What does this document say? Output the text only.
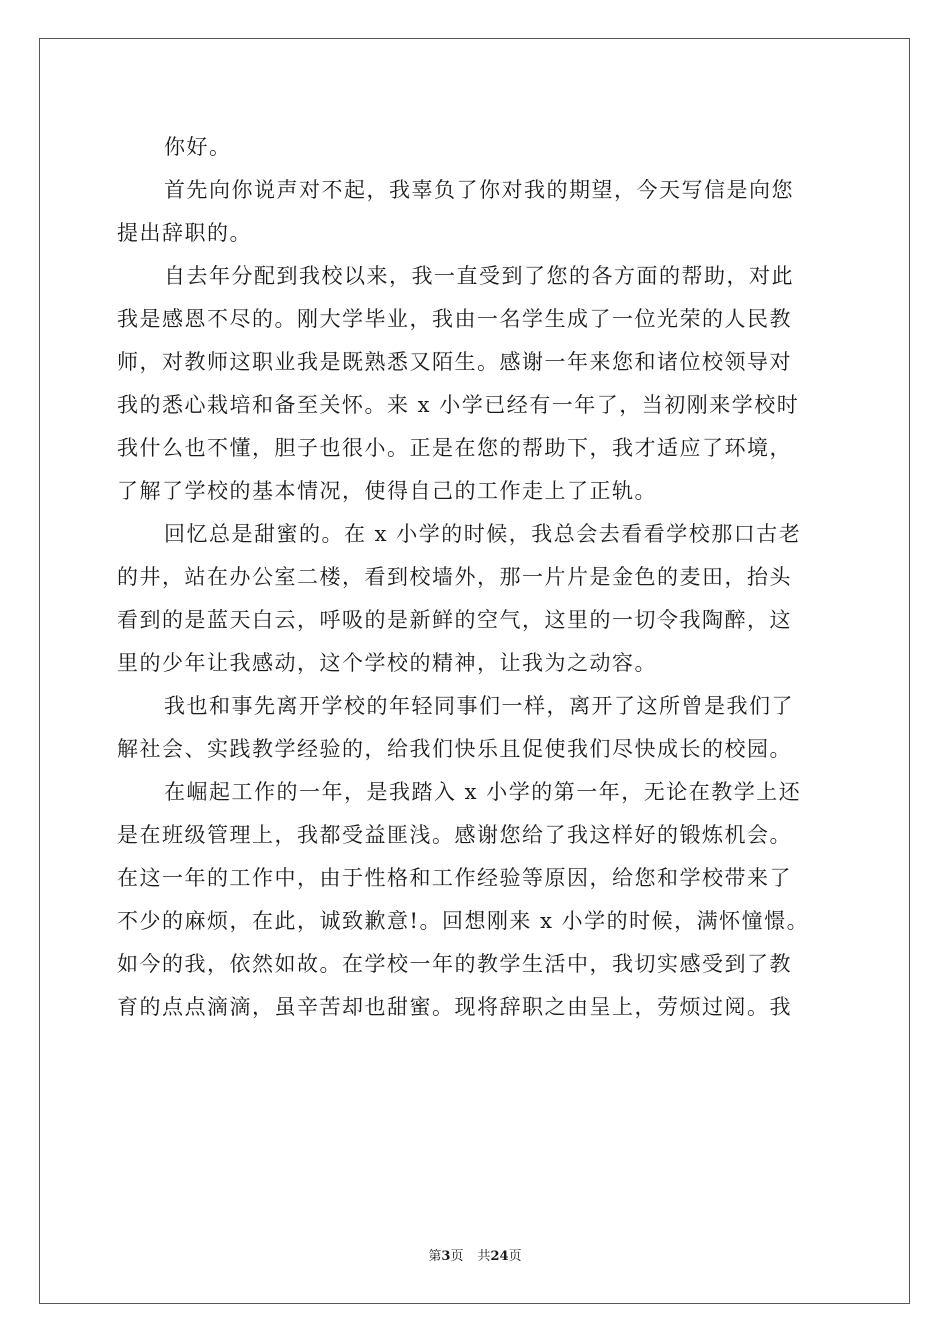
你好。
首先向你说声对不起，我辜负了你对我的期望，今天写信是向您
提出辞职的。
自去年分配到我校以来，我一直受到了您的各方面的帮助，对此
我是感恩不尽的。刚大学毕业，我由一名学生成了一位光荣的人民教
师，对教师这职业我是既熟悉又陌生。感谢一年来您和诸位校领导对
我的悉心栽培和备至关怀。来 x 小学已经有一年了，当初刚来学校时
我什么也不懂，胆子也很小。正是在您的帮助下，我才适应了环境，
了解了学校的基本情况，使得自己的工作走上了正轨。
回忆总是甜蜜的。在 x 小学的时候，我总会去看看学校那口古老
的井，站在办公室二楼，看到校墙外，那一片片是金色的麦田，抬头
看到的是蓝天白云，呼吸的是新鲜的空气，这里的一切令我陶醉，这
里的少年让我感动，这个学校的精神，让我为之动容。
我也和事先离开学校的年轻同事们一样，离开了这所曾是我们了
解社会、实践教学经验的，给我们快乐且促使我们尽快成长的校园。
在崛起工作的一年，是我踏入 x 小学的第一年，无论在教学上还
是在班级管理上，我都受益匪浅。感谢您给了我这样好的锻炼机会。
在这一年的工作中，由于性格和工作经验等原因，给您和学校带来了
不少的麻烦，在此，诚致歉意!。回想刚来 x 小学的时候，满怀憧憬。
如今的我，依然如故。在学校一年的教学生活中，我切实感受到了教
育的点点滴滴，虽辛苦却也甜蜜。现将辞职之由呈上，劳烦过阅。我
第3页 共24页
